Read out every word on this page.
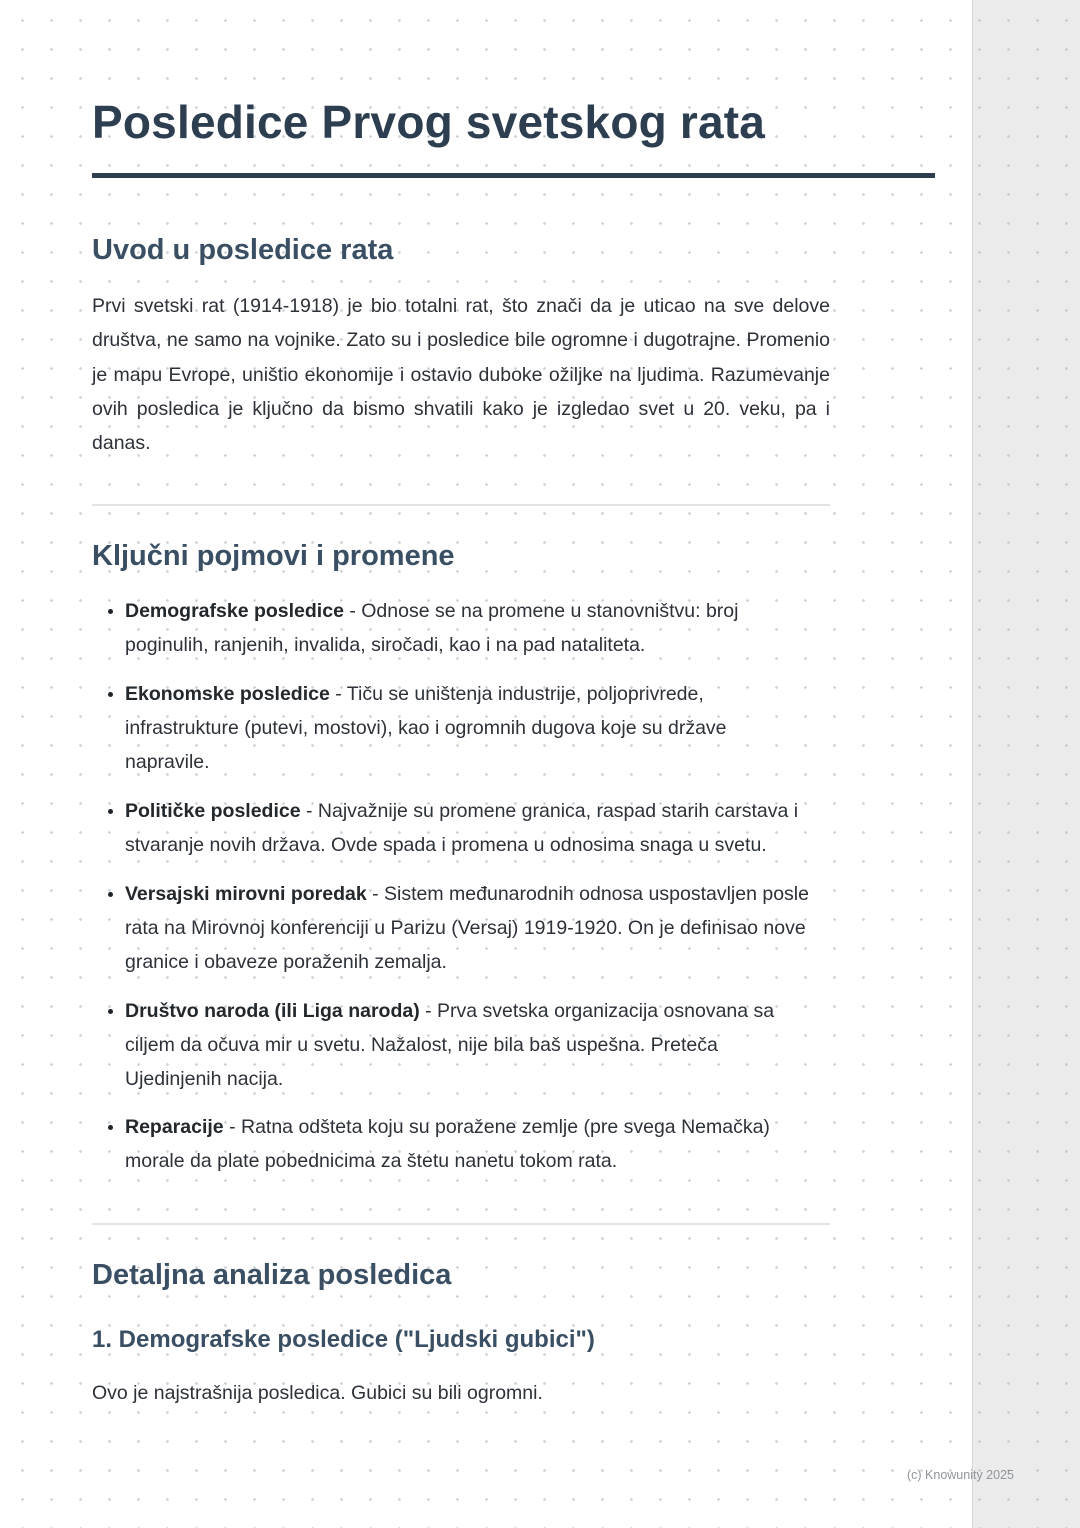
Posledice Prvog svetskog rata
Uvod u posledice rata

Prvi svetski rat (1914-1918) je bio totalni rat, što znači da je uticao na sve delove društva, ne samo na vojnike. Zato su i posledice bile ogromne i dugotrajne. Promenio je mapu Evrope, uništio ekonomije i ostavio duboke ožiljke na ljudima. Razumevanje ovih posledica je ključno da bismo shvatili kako je izgledao svet u 20. veku, pa i danas.

Ključni pojmovi i promene
• Demografske posledice - Odnose se na promene u stanovništvu: broj poginulih, ranjenih, invalida, siročadi, kao i na pad nataliteta.
• Ekonomske posledice - Tiču se uništenja industrije, poljoprivrede, infrastrukture (putevi, mostovi), kao i ogromnih dugova koje su države napravile.
• Političke posledice - Najvažnije su promene granica, raspad starih carstava i stvaranje novih država. Ovde spada i promena u odnosima snaga u svetu.
• Versajski mirovni poredak - Sistem međunarodnih odnosa uspostavljen posle rata na Mirovnoj konferenciji u Parizu (Versaj) 1919-1920. On je definisao nove granice i obaveze poraženih zemalja.
• Društvo naroda (ili Liga naroda) - Prva svetska organizacija osnovana sa ciljem da očuva mir u svetu. Nažalost, nije bila baš uspešna. Preteča Ujedinjenih nacija.
• Reparacije - Ratna odšteta koju su poražene zemlje (pre svega Nemačka) morale da plate pobednicima za štetu nanetu tokom rata.
Detaljna analiza posledica
1. Demografske posledice ("Ljudski gubici")

Ovo je najstrašnija posledica. Gubici su bili ogromni.

(c) Knowunity 2025
